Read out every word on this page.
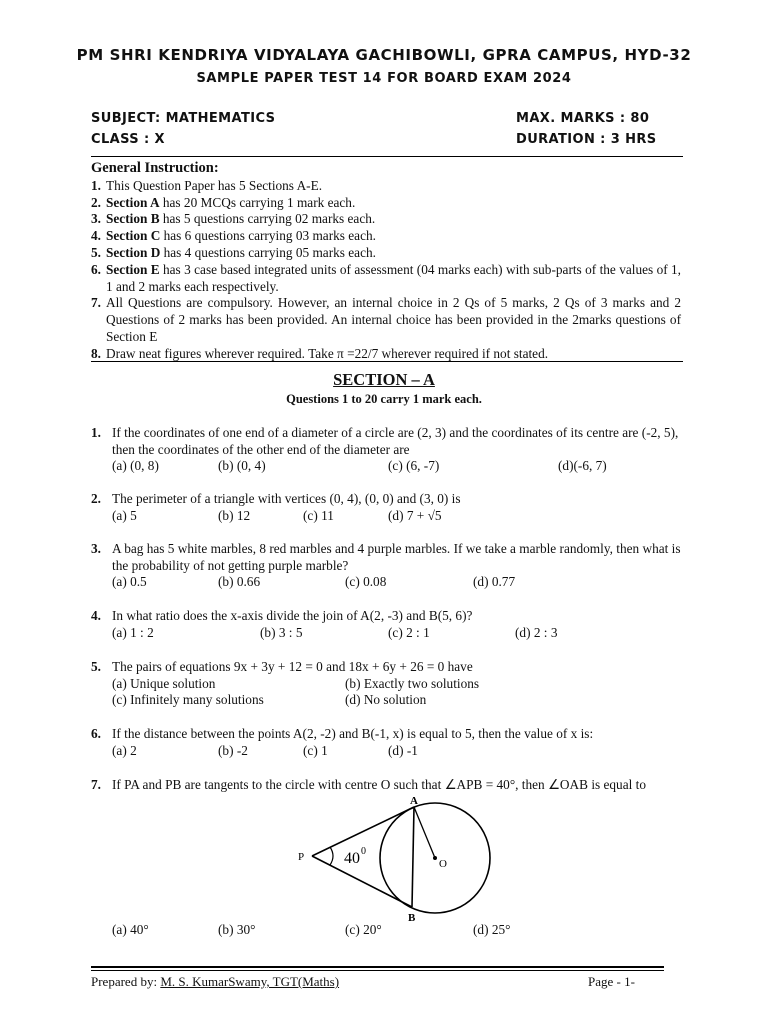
PM SHRI KENDRIYA VIDYALAYA GACHIBOWLI, GPRA CAMPUS, HYD-32
SAMPLE PAPER TEST 14 FOR BOARD EXAM 2024
SUBJECT: MATHEMATICS	MAX. MARKS : 80
CLASS : X	DURATION : 3 HRS
General Instruction:
1. This Question Paper has 5 Sections A-E.
2. Section A has 20 MCQs carrying 1 mark each.
3. Section B has 5 questions carrying 02 marks each.
4. Section C has 6 questions carrying 03 marks each.
5. Section D has 4 questions carrying 05 marks each.
6. Section E has 3 case based integrated units of assessment (04 marks each) with sub-parts of the values of 1, 1 and 2 marks each respectively.
7. All Questions are compulsory. However, an internal choice in 2 Qs of 5 marks, 2 Qs of 3 marks and 2 Questions of 2 marks has been provided. An internal choice has been provided in the 2marks questions of Section E
8. Draw neat figures wherever required. Take π =22/7 wherever required if not stated.
SECTION – A
Questions 1 to 20 carry 1 mark each.
1. If the coordinates of one end of a diameter of a circle are (2, 3) and the coordinates of its centre are (-2, 5), then the coordinates of the other end of the diameter are
(a) (0, 8)	(b) (0, 4)	(c) (6, -7)	(d)(-6, 7)
2. The perimeter of a triangle with vertices (0, 4), (0, 0) and (3, 0) is
(a) 5	(b) 12	(c) 11	(d) 7 + √5
3. A bag has 5 white marbles, 8 red marbles and 4 purple marbles. If we take a marble randomly, then what is the probability of not getting purple marble?
(a) 0.5	(b) 0.66	(c) 0.08	(d) 0.77
4. In what ratio does the x-axis divide the join of A(2, -3) and B(5, 6)?
(a) 1 : 2	(b) 3 : 5	(c) 2 : 1	(d) 2 : 3
5. The pairs of equations 9x + 3y + 12 = 0 and 18x + 6y + 26 = 0 have
(a) Unique solution	(b) Exactly two solutions
(c) Infinitely many solutions	(d) No solution
6. If the distance between the points A(2, -2) and B(-1, x) is equal to 5, then the value of x is:
(a) 2	(b) -2	(c) 1	(d) -1
7. If PA and PB are tangents to the circle with centre O such that ∠APB = 40°, then ∠OAB is equal to
A
B
P
O
40 0
(a) 40°	(b) 30°	(c) 20°	(d) 25°
Prepared by: M. S. KumarSwamy, TGT(Maths)	Page - 1-
